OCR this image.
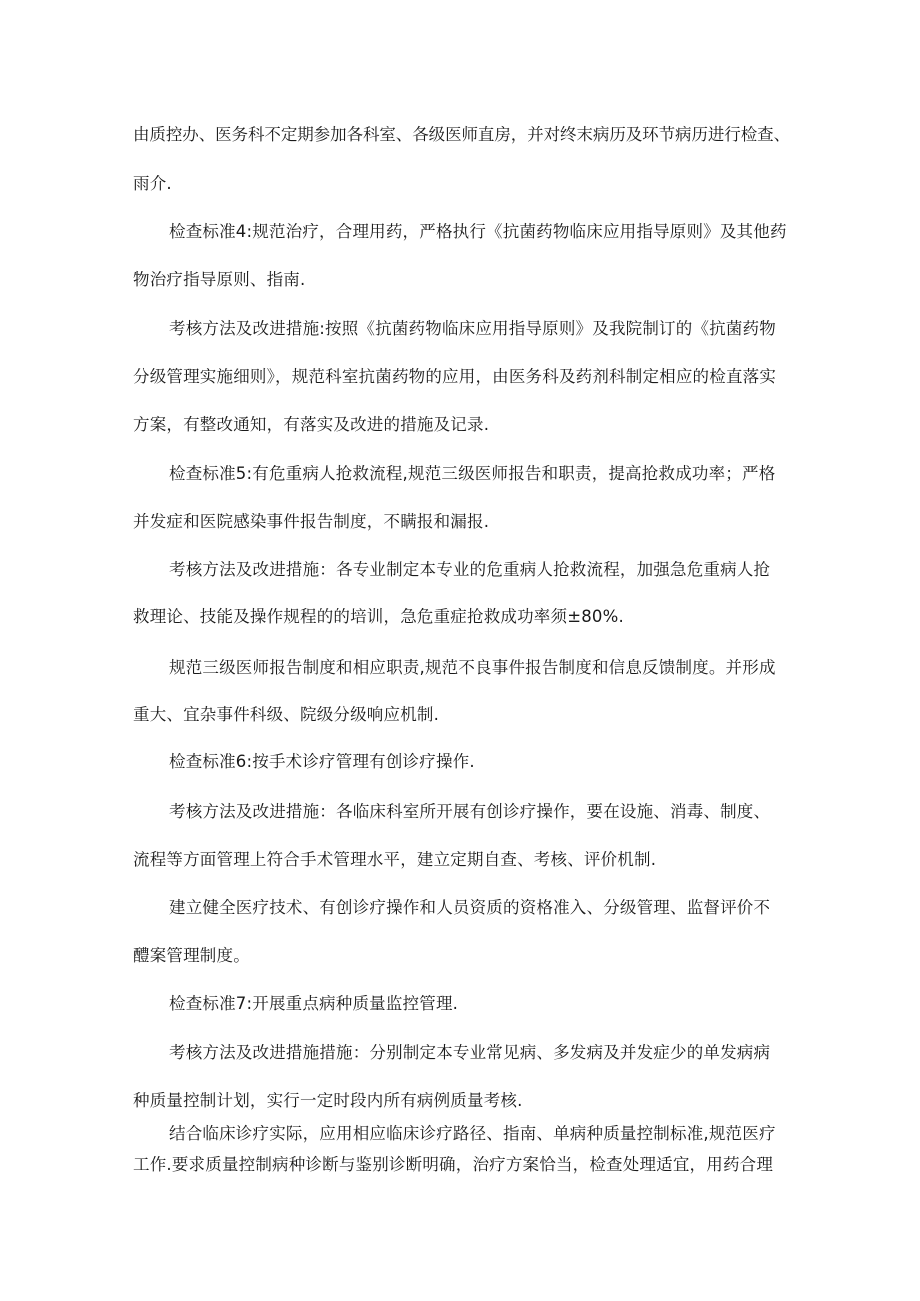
由质控办、医务科不定期参加各科室、各级医师直房，并对终末病历及环节病历进行检查、
雨介.
检查标准4:规范治疗，合理用药，严格执行《抗菌药物临床应用指导原则》及其他药
物治疗指导原则、指南.
考核方法及改进措施:按照《抗菌药物临床应用指导原则》及我院制订的《抗菌药物
分级管理实施细则》，规范科室抗菌药物的应用，由医务科及药剂科制定相应的检直落实
方案，有整改通知，有落实及改进的措施及记录.
检查标准5:有危重病人抢救流程,规范三级医师报告和职责，提高抢救成功率；严格
并发症和医院感染事件报告制度，不瞒报和漏报.
考核方法及改进措施：各专业制定本专业的危重病人抢救流程，加强急危重病人抢
救理论、技能及操作规程的的培训，急危重症抢救成功率须±80%.
规范三级医师报告制度和相应职责,规范不良事件报告制度和信息反馈制度。并形成
重大、宜杂事件科级、院级分级响应机制.
检查标准6:按手术诊疗管理有创诊疗操作.
考核方法及改进措施：各临床科室所开展有创诊疗操作，要在设施、消毒、制度、
流程等方面管理上符合手术管理水平，建立定期自查、考核、评价机制.
建立健全医疗技术、有创诊疗操作和人员资质的资格准入、分级管理、监督评价不
醴案管理制度。
检查标准7:开展重点病种质量监控管理.
考核方法及改进措施措施：分别制定本专业常见病、多发病及并发症少的单发病病
种质量控制计划，实行一定时段内所有病例质量考核.
结合临床诊疗实际，应用相应临床诊疗路径、指南、单病种质量控制标准,规范医疗
工作.要求质量控制病种诊断与鉴别诊断明确，治疗方案恰当，检查处理适宜，用药合理
